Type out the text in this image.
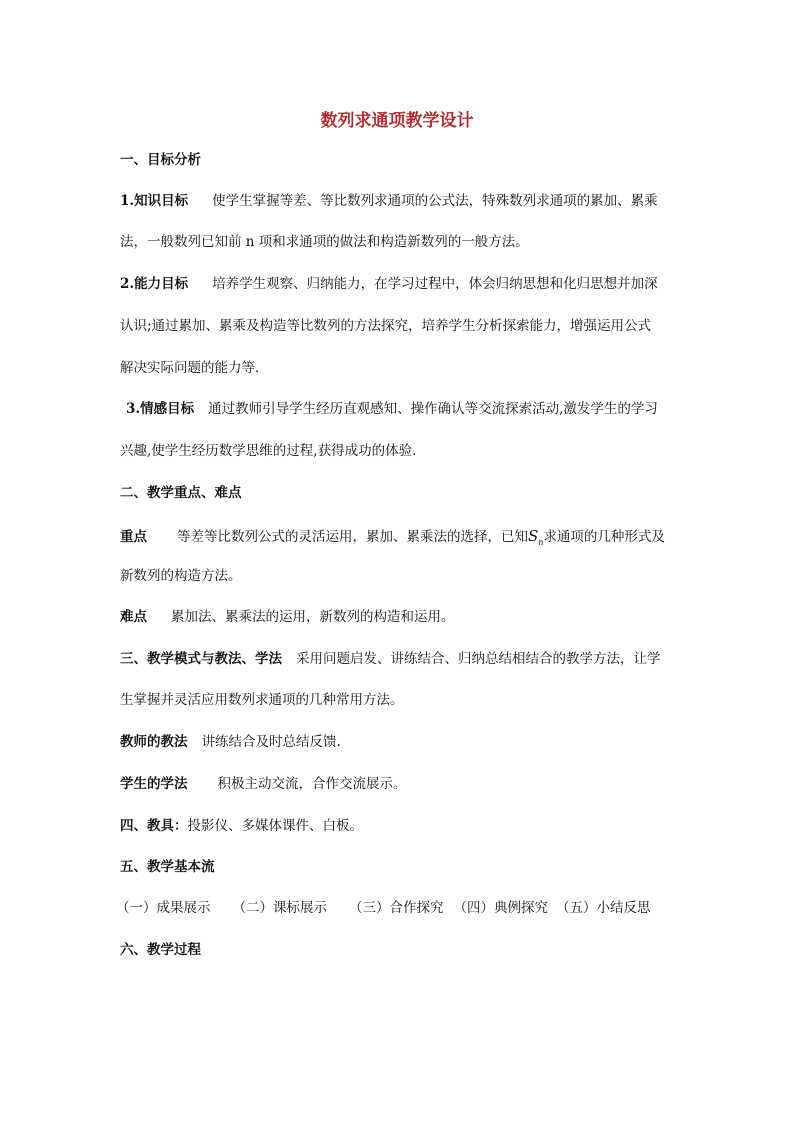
数列求通项教学设计
一、目标分析
1.知识目标 使学生掌握等差、等比数列求通项的公式法，特殊数列求通项的累加、累乘
法，一般数列已知前 n 项和求通项的做法和构造新数列的一般方法。
2.能力目标 培养学生观察、归纳能力，在学习过程中，体会归纳思想和化归思想并加深
认识;通过累加、累乘及构造等比数列的方法探究，培养学生分析探索能力，增强运用公式
解决实际问题的能力等．
3.情感目标 通过教师引导学生经历直观感知、操作确认等交流探索活动,激发学生的学习
兴趣,使学生经历数学思维的过程,获得成功的体验.
二、教学重点、难点
重点 等差等比数列公式的灵活运用，累加、累乘法的选择，已知$S_n$求通项的几种形式及
新数列的构造方法。
难点 累加法、累乘法的运用，新数列的构造和运用。
三、教学模式与教法、学法 采用问题启发、讲练结合、归纳总结相结合的教学方法，让学
生掌握并灵活应用数列求通项的几种常用方法。
教师的教法 讲练结合及时总结反馈.
学生的学法 积极主动交流，合作交流展示。
四、教具：投影仪、多媒体课件、白板。
五、教学基本流
（一）成果展示 （二）课标展示 （三）合作探究 （四）典例探究 （五）小结反思
六、教学过程
